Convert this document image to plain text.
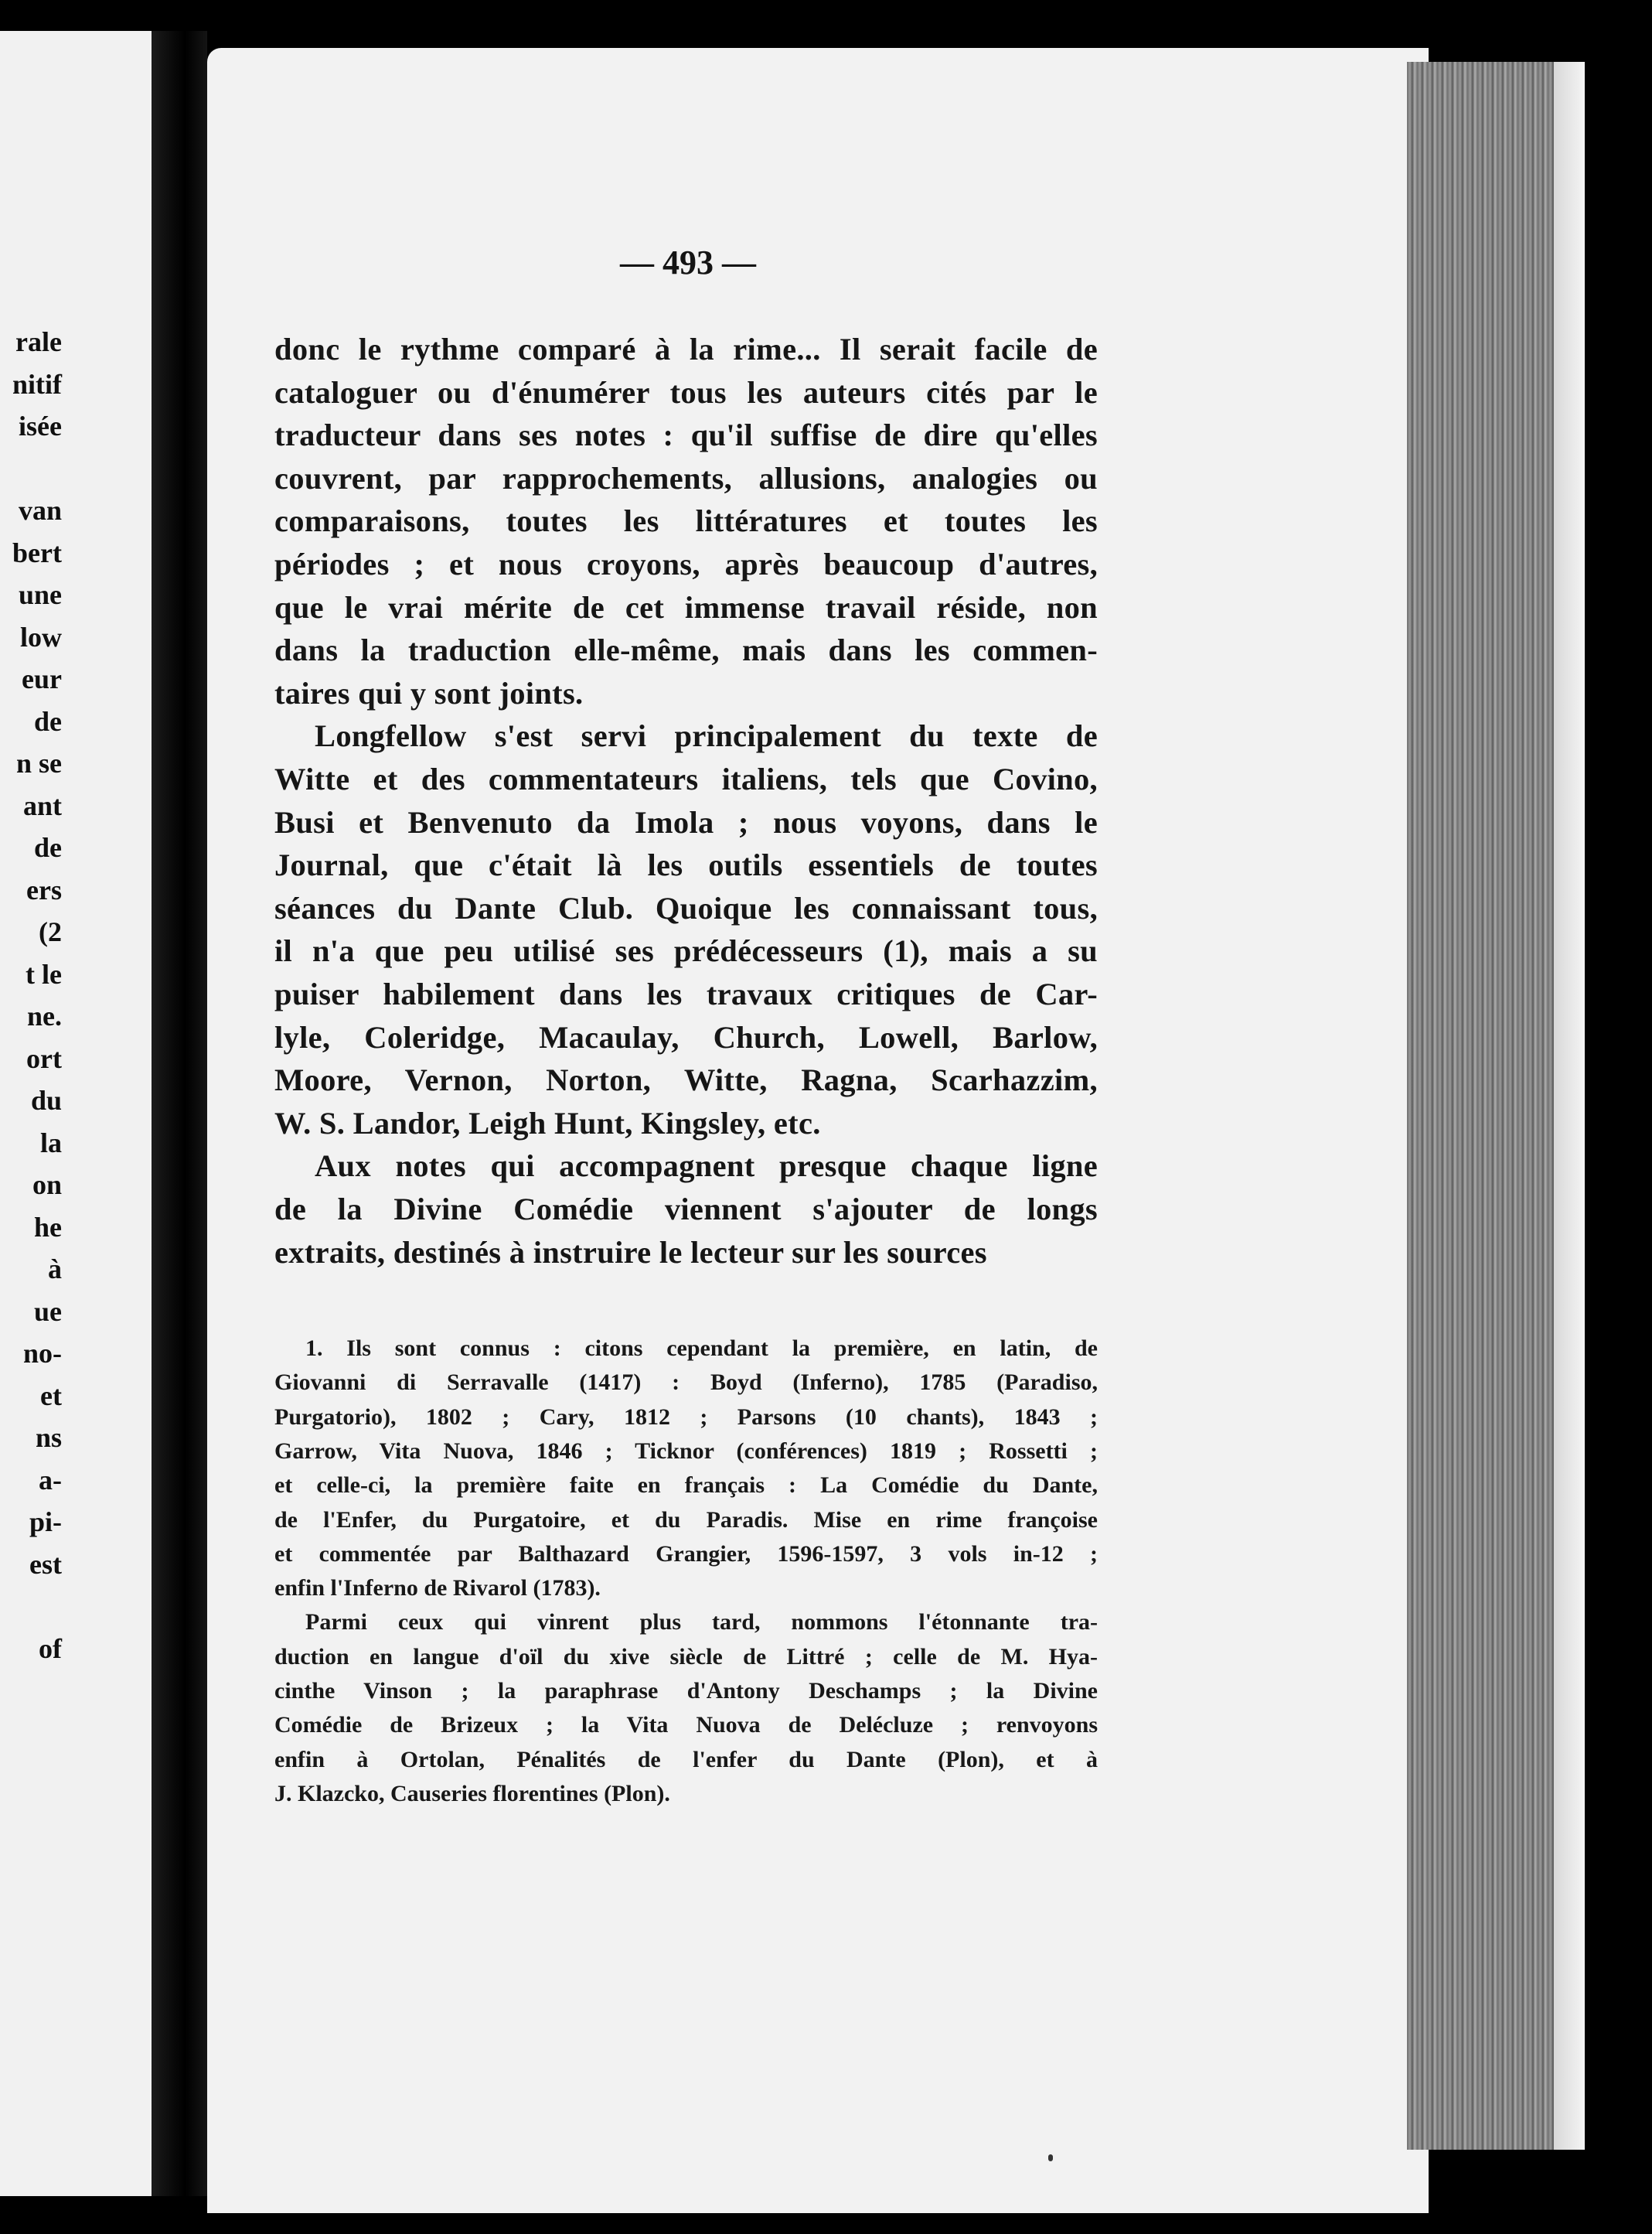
rale
nitif
isée

van
bert
une
low
eur
de
n se
ant
de
ers
(2
t le
ne.
ort
du
la
on
he
à
ue
no-
et
ns
a-
pi-
est

of
— 493 —
donc le rythme comparé à la rime... Il serait facile de
cataloguer ou d'énumérer tous les auteurs cités par le
traducteur dans ses notes : qu'il suffise de dire qu'elles
couvrent, par rapprochements, allusions, analogies ou
comparaisons, toutes les littératures et toutes les
périodes ; et nous croyons, après beaucoup d'autres,
que le vrai mérite de cet immense travail réside, non
dans la traduction elle-même, mais dans les commen-
taires qui y sont joints.
Longfellow s'est servi principalement du texte de
Witte et des commentateurs italiens, tels que Covino,
Busi et Benvenuto da Imola ; nous voyons, dans le
Journal, que c'était là les outils essentiels de toutes
séances du Dante Club. Quoique les connaissant tous,
il n'a que peu utilisé ses prédécesseurs (1), mais a su
puiser habilement dans les travaux critiques de Car-
lyle, Coleridge, Macaulay, Church, Lowell, Barlow,
Moore, Vernon, Norton, Witte, Ragna, Scarhazzim,
W. S. Landor, Leigh Hunt, Kingsley, etc.
Aux notes qui accompagnent presque chaque ligne
de la Divine Comédie viennent s'ajouter de longs
extraits, destinés à instruire le lecteur sur les sources
1. Ils sont connus : citons cependant la première, en latin, de
Giovanni di Serravalle (1417) : Boyd (Inferno), 1785 (Paradiso,
Purgatorio), 1802 ; Cary, 1812 ; Parsons (10 chants), 1843 ;
Garrow, Vita Nuova, 1846 ; Ticknor (conférences) 1819 ; Rossetti ;
et celle-ci, la première faite en français : La Comédie du Dante,
de l'Enfer, du Purgatoire, et du Paradis. Mise en rime françoise
et commentée par Balthazard Grangier, 1596-1597, 3 vols in-12 ;
enfin l'Inferno de Rivarol (1783).
Parmi ceux qui vinrent plus tard, nommons l'étonnante tra-
duction en langue d'oïl du xive siècle de Littré ; celle de M. Hya-
cinthe Vinson ; la paraphrase d'Antony Deschamps ; la Divine
Comédie de Brizeux ; la Vita Nuova de Delécluze ; renvoyons
enfin à Ortolan, Pénalités de l'enfer du Dante (Plon), et à
J. Klazcko, Causeries florentines (Plon).
